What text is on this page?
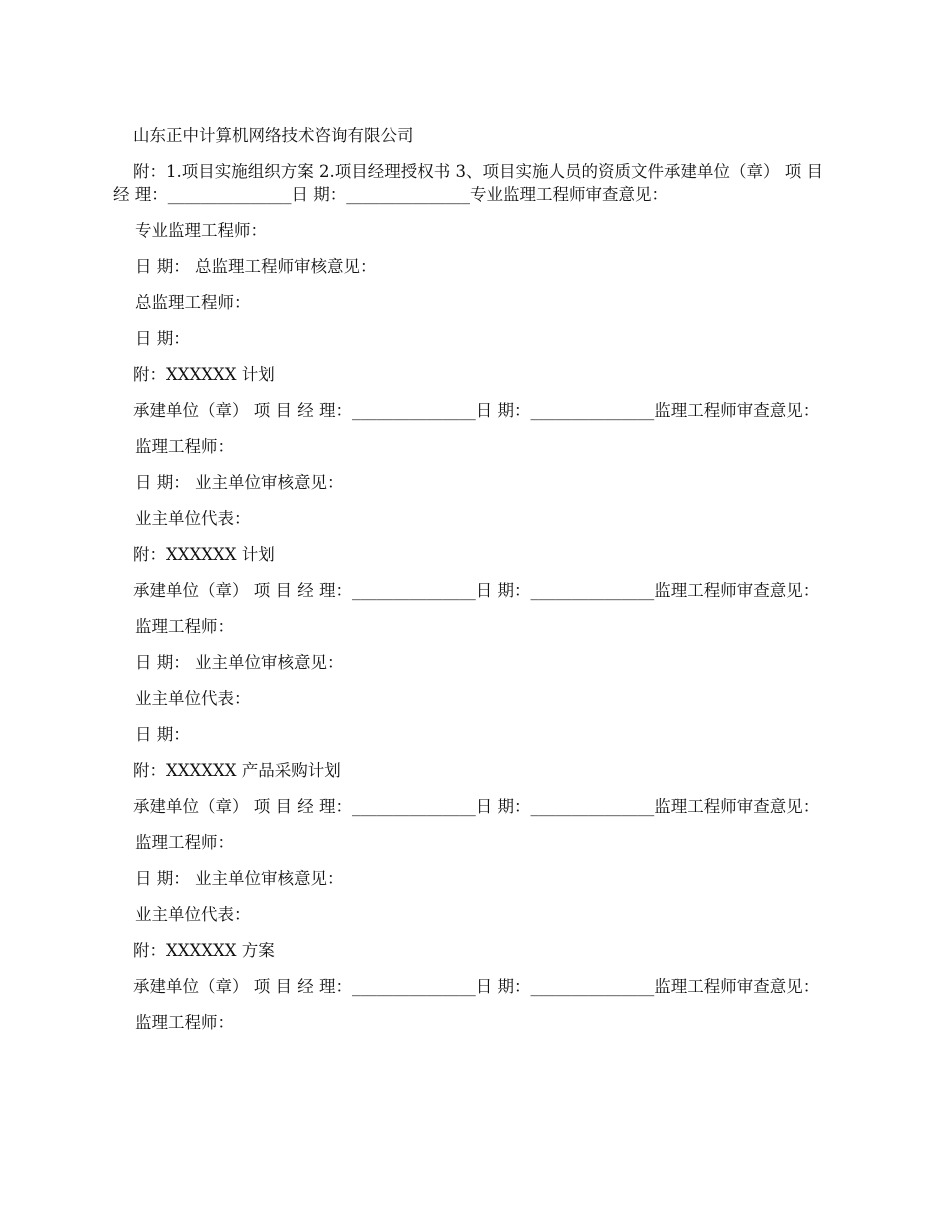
山东正中计算机网络技术咨询有限公司

附：1.项目实施组织方案 2.项目经理授权书 3、项目实施人员的资质文件承建单位（章） 项 目 经 理：_______________日 期：_______________专业监理工程师审查意见：

专业监理工程师：

日 期： 总监理工程师审核意见：

总监理工程师：

日 期：

附：XXXXXX 计划

承建单位（章） 项 目 经 理：_______________日 期：_______________监理工程师审查意见：

监理工程师：

日 期： 业主单位审核意见：

业主单位代表：

附：XXXXXX 计划

承建单位（章） 项 目 经 理：_______________日 期：_______________监理工程师审查意见：

监理工程师：

日 期： 业主单位审核意见：

业主单位代表：

日 期：

附：XXXXXX 产品采购计划

承建单位（章） 项 目 经 理：_______________日 期：_______________监理工程师审查意见：

监理工程师：

日 期： 业主单位审核意见：

业主单位代表：

附：XXXXXX 方案

承建单位（章） 项 目 经 理：_______________日 期：_______________监理工程师审查意见：

监理工程师：
